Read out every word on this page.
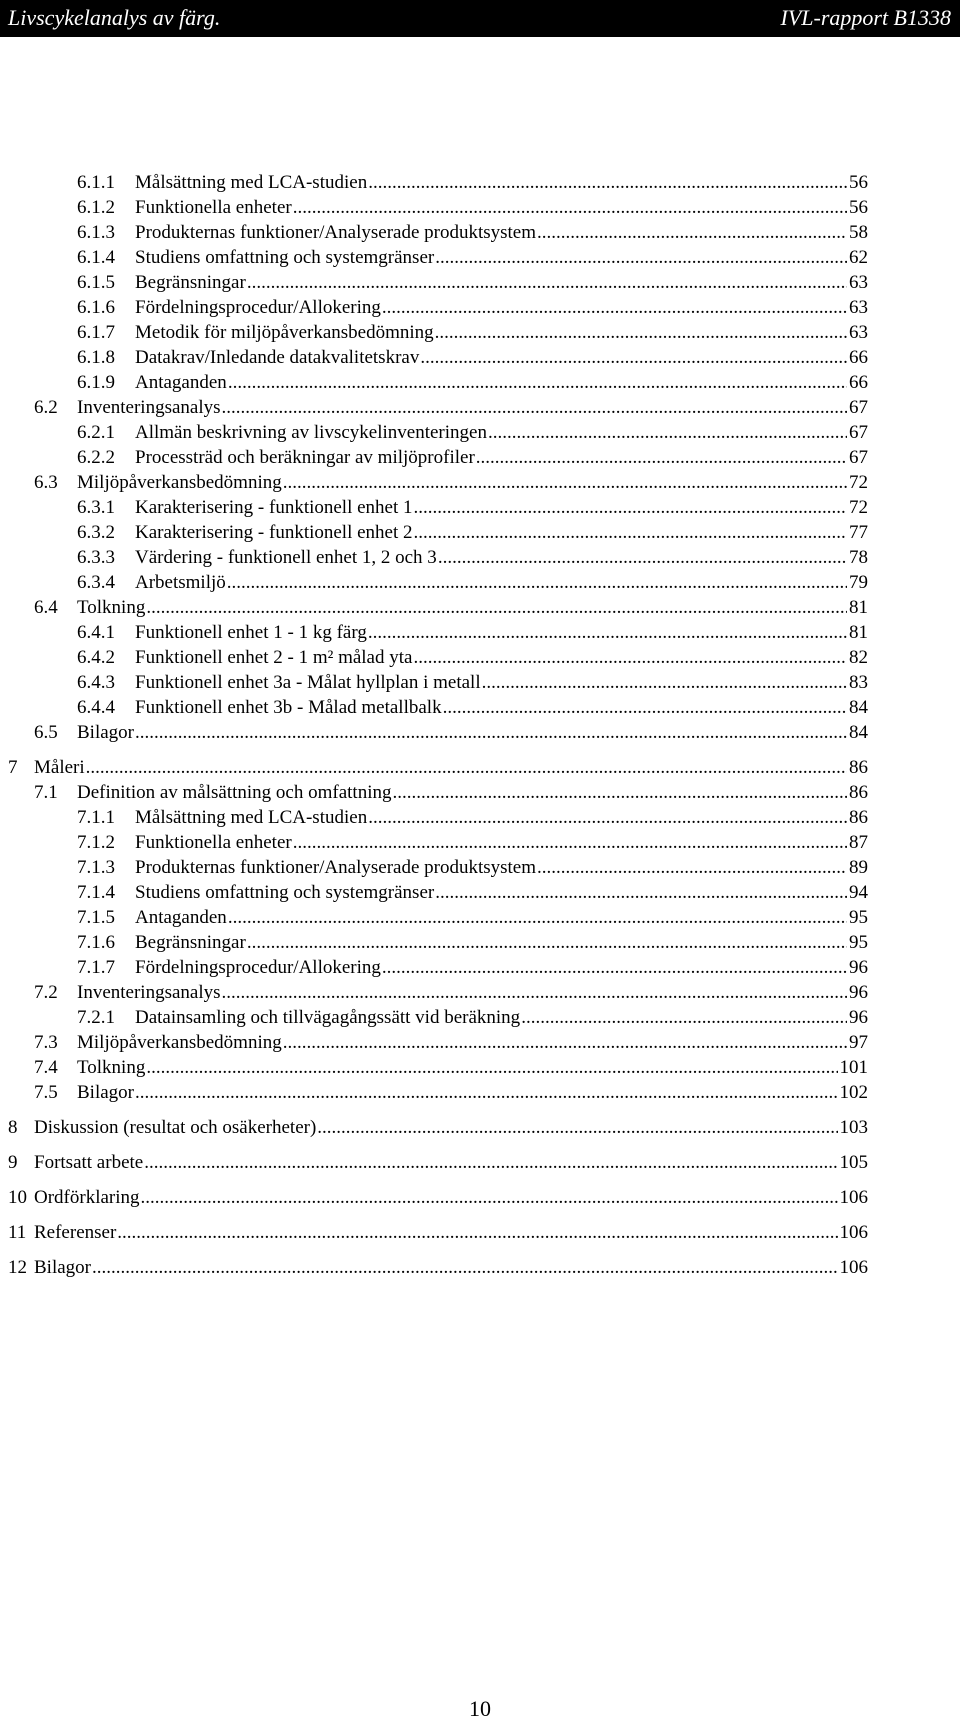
Livscykelanalys av färg.	IVL-rapport B1338
6.1.1	Målsättning med LCA-studien .....	56
6.1.2	Funktionella enheter .....	56
6.1.3	Produkternas funktioner/Analyserade produktsystem .....	58
6.1.4	Studiens omfattning och systemgränser .....	62
6.1.5	Begränsningar .....	63
6.1.6	Fördelningsprocedur/Allokering .....	63
6.1.7	Metodik för miljöpåverkansbedömning .....	63
6.1.8	Datakrav/Inledande datakvalitetskrav .....	66
6.1.9	Antaganden .....	66
6.2	Inventeringsanalys .....	67
6.2.1	Allmän beskrivning av livscykelinventeringen .....	67
6.2.2	Processträd och beräkningar av miljöprofiler .....	67
6.3	Miljöpåverkansbedömning .....	72
6.3.1	Karakterisering - funktionell enhet 1 .....	72
6.3.2	Karakterisering - funktionell enhet 2 .....	77
6.3.3	Värdering - funktionell enhet 1, 2 och 3 .....	78
6.3.4	Arbetsmiljö .....	79
6.4	Tolkning .....	81
6.4.1	Funktionell enhet 1 - 1 kg färg .....	81
6.4.2	Funktionell enhet 2 - 1 m² målad yta .....	82
6.4.3	Funktionell enhet 3a - Målat hyllplan i metall .....	83
6.4.4	Funktionell enhet 3b - Målad metallbalk .....	84
6.5	Bilagor .....	84
7 Måleri .....	86
7.1	Definition av målsättning och omfattning .....	86
7.1.1	Målsättning med LCA-studien .....	86
7.1.2	Funktionella enheter .....	87
7.1.3	Produkternas funktioner/Analyserade produktsystem .....	89
7.1.4	Studiens omfattning och systemgränser .....	94
7.1.5	Antaganden .....	95
7.1.6	Begränsningar .....	95
7.1.7	Fördelningsprocedur/Allokering .....	96
7.2	Inventeringsanalys .....	96
7.2.1	Datainsamling och tillvägagångssätt vid beräkning .....	96
7.3	Miljöpåverkansbedömning .....	97
7.4	Tolkning .....	101
7.5	Bilagor .....	102
8 Diskussion (resultat och osäkerheter) .....	103
9 Fortsatt arbete .....	105
10 Ordförklaring .....	106
11 Referenser .....	106
12 Bilagor .....	106
10
